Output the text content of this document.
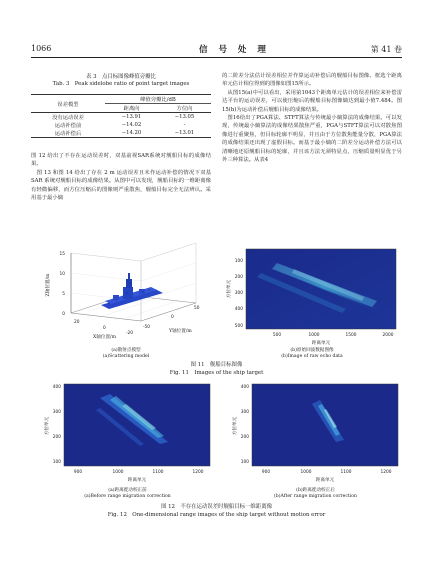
1066	信 号 处 理	第 41 卷
表 3　点目标图像峰值旁瓣比
Tab. 3　Peak sidelobe ratio of point target images
误差模型	峰值旁瓣比/dB	
	距离向	方位向
没有运动误差	−13.91	−13.05
运动补偿前	−14.02	-
运动补偿后	−14.20	−13.01
图 12 给出了不存在运动误差时，双基前视SAR系统对舰船目标的成像结果。
　图 13 和图 14 给出了存在 2 m 运动误差且未作运动补偿的情况下双基 SAR 系统对舰船目标的成像结果。从图中可以发现，舰船目标的一维距离像有轻微偏移，而方位压缩后的图像则严重散焦，舰船目标完全无法辨认。采用基于最小熵
的二阶差分法估计误差相位并作算运动补偿后的舰船目标图像、框选个距离单元估计相位得到的图像如图15所示。
　从图15(a)中可以看出，采用第1043个距离单元估计的误差相位来补偿雷达平台的运动误差，可以使压缩后的舰船目标图像熵达到最小值7.484。图15(b)为运动补偿后舰船目标的成像结果。
　图16给出了PGA算法、STFT算法与传统最小熵算法的成像结果。可以发现，传统最小熵算法的成像结果散焦严重，PGA与STFT算法可以对散焦图像进行重聚焦，但目标轮廓不明显，并且由于方位散焦能量分散，PGA算法的成像结果还出现了虚假目标。而基于最小熵的二阶差分运动补偿方法可以清晰地还原舰船目标的轮廓，并且该方法无须特显点，压缩质量明显优于另外三种算法。从表4
15
10
5
0
Z轴位置/m
20
0
-20
X轴位置/m
-50
0
50
Y轴位置/m
(a)散射点模型
(a)Scattering model
100
200
300
400
500
方位单元
500	1000	1500	2000
距离单元
(b)原始回波数据图像
(b)Image of raw echo data
图 11　舰船目标图像
Fig. 11　Images of the ship target
400
300
200
100
方位单元
900	1000	1100	1200
距离单元
(a)距离徙动校正前
(a)Before range migration correction
400
300
200
100
方位单元
900	1000	1100	1200
距离单元
(b)距离徙动校正后
(b)After range migration correction
图 12　不存在运动误差时舰船目标一维距离像
Fig. 12　One-dimensional range images of the ship target without motion error
